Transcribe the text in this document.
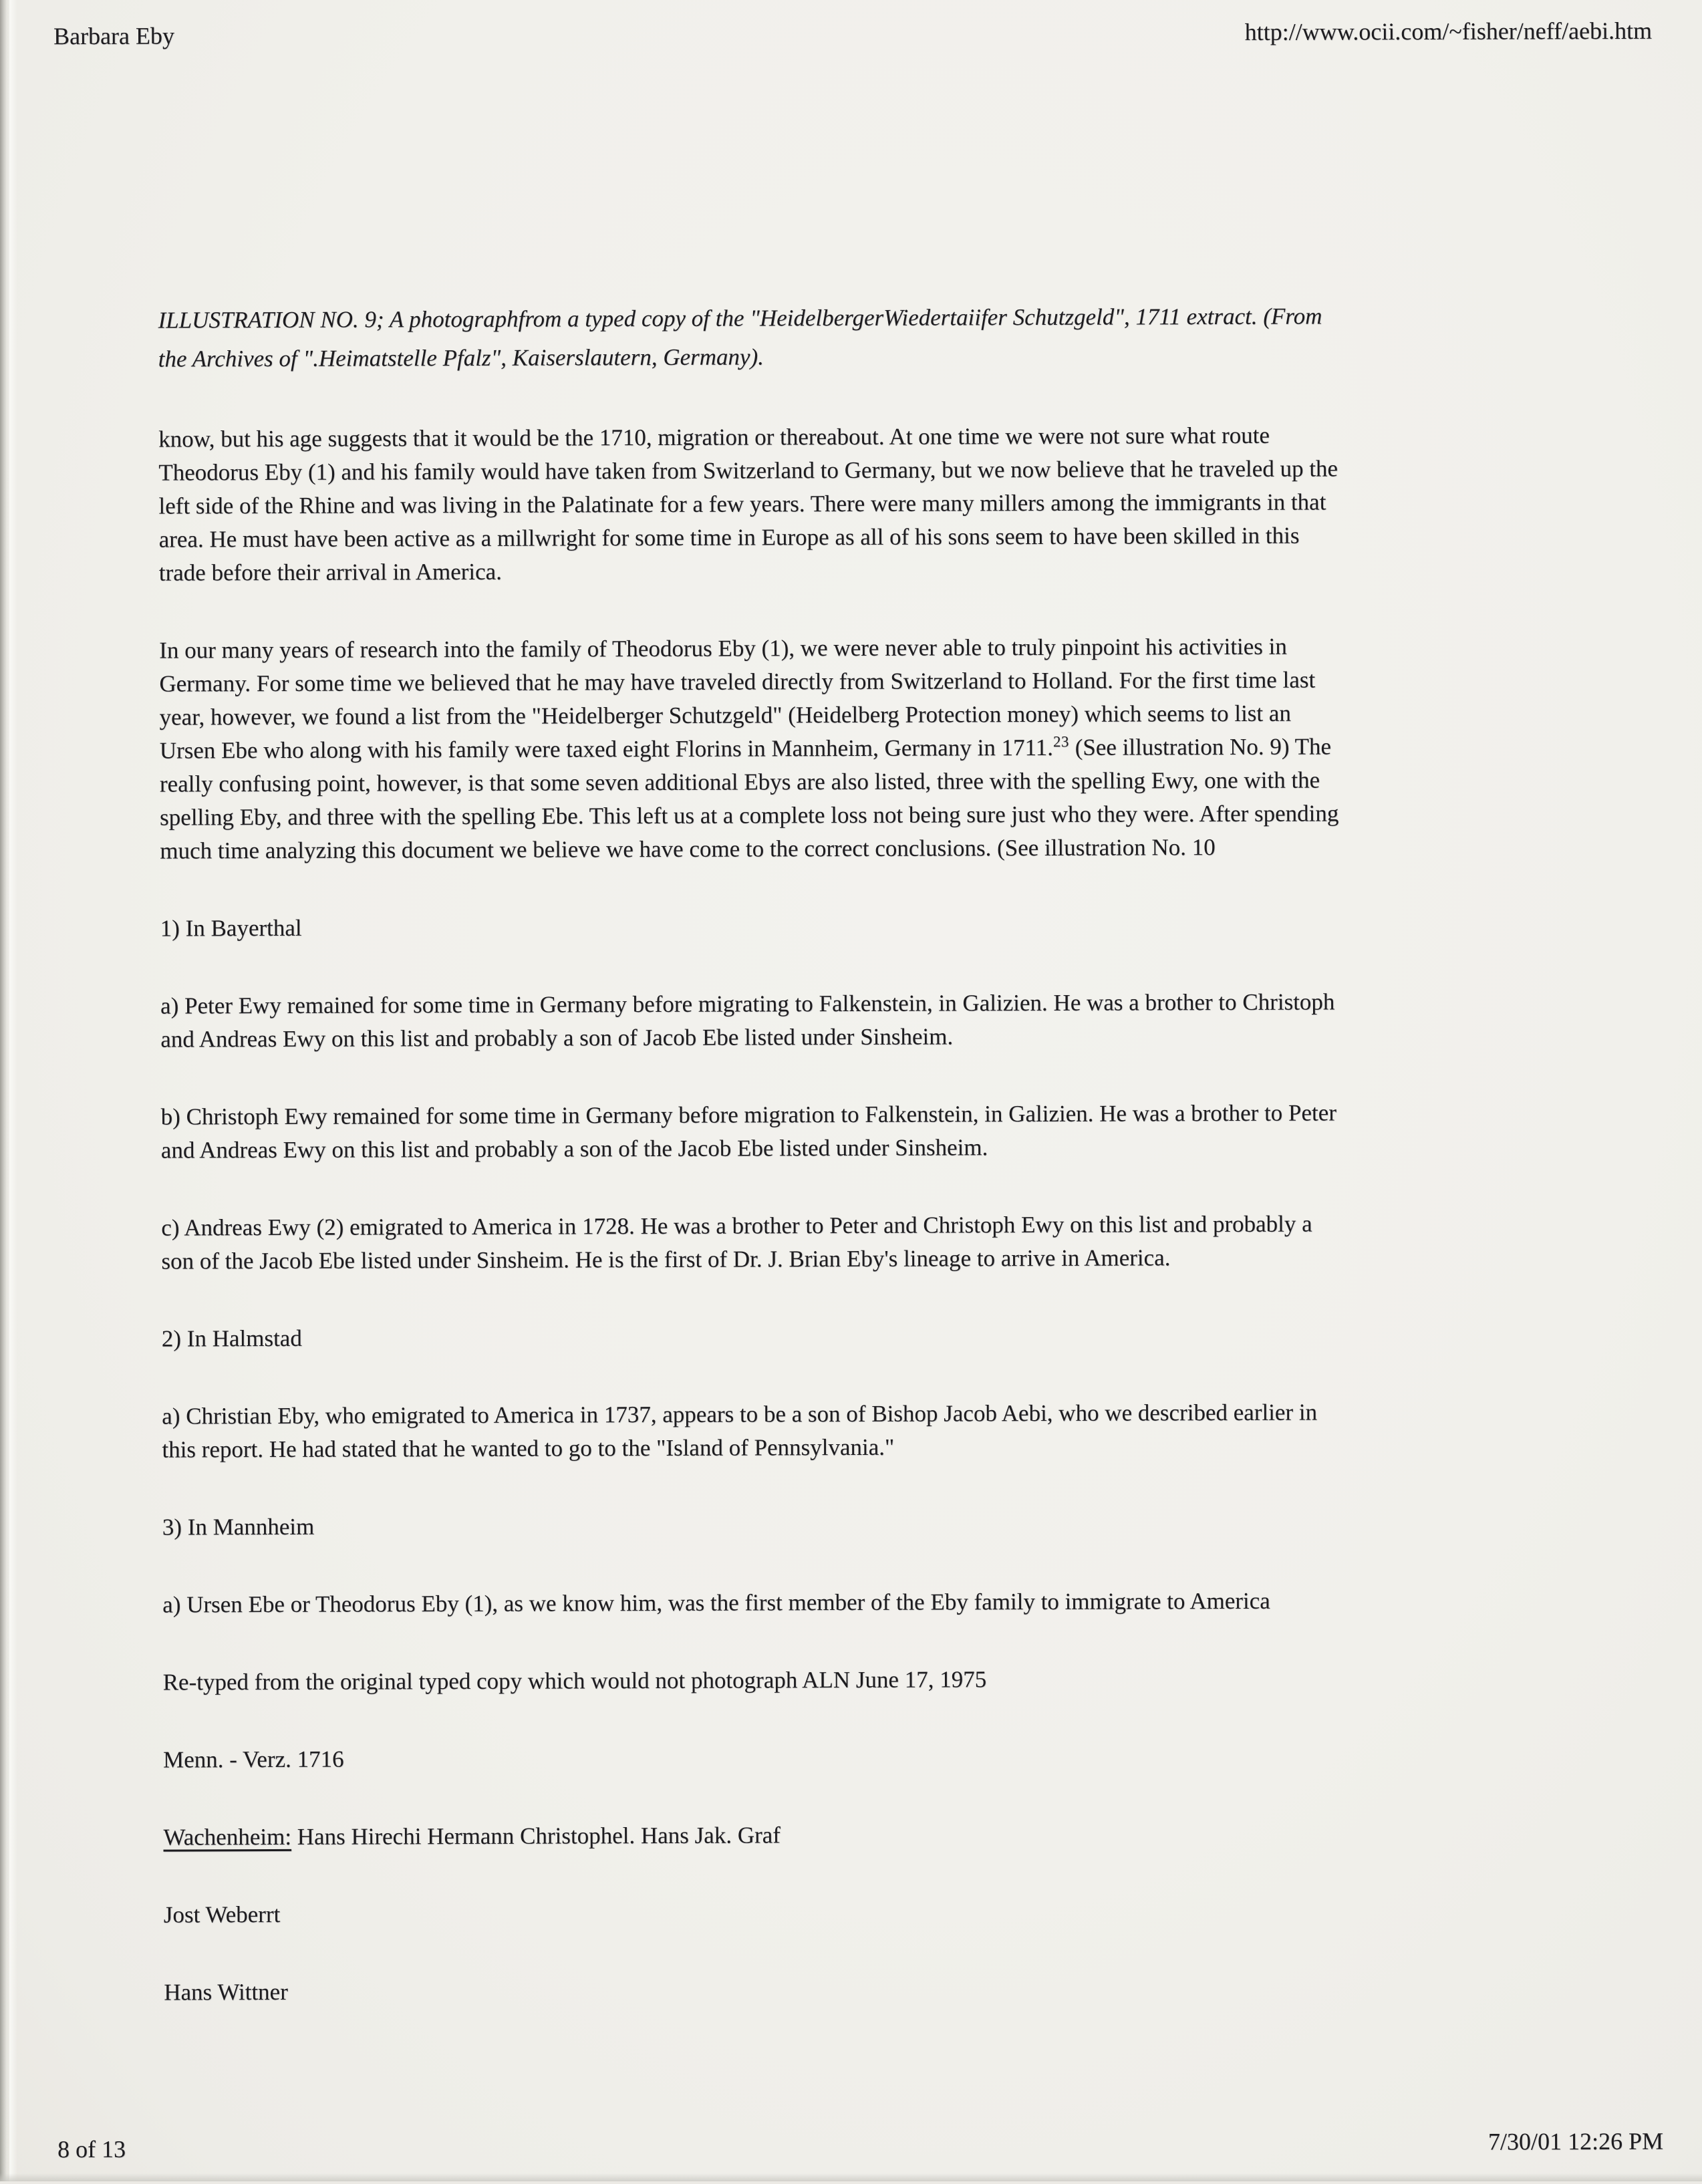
Barbara Eby	http://www.ocii.com/~fisher/neff/aebi.htm
ILLUSTRATION NO. 9; A photographfrom a typed copy of the "HeidelbergerWiedertaiifer Schutzgeld", 1711 extract. (From
the Archives of ".Heimatstelle Pfalz", Kaiserslautern, Germany).
know, but his age suggests that it would be the 1710, migration or thereabout. At one time we were not sure what route
Theodorus Eby (1) and his family would have taken from Switzerland to Germany, but we now believe that he traveled up the
left side of the Rhine and was living in the Palatinate for a few years. There were many millers among the immigrants in that
area. He must have been active as a millwright for some time in Europe as all of his sons seem to have been skilled in this
trade before their arrival in America.
In our many years of research into the family of Theodorus Eby (1), we were never able to truly pinpoint his activities in
Germany. For some time we believed that he may have traveled directly from Switzerland to Holland. For the first time last
year, however, we found a list from the "Heidelberger Schutzgeld" (Heidelberg Protection money) which seems to list an
Ursen Ebe who along with his family were taxed eight Florins in Mannheim, Germany in 1711.23 (See illustration No. 9) The
really confusing point, however, is that some seven additional Ebys are also listed, three with the spelling Ewy, one with the
spelling Eby, and three with the spelling Ebe. This left us at a complete loss not being sure just who they were. After spending
much time analyzing this document we believe we have come to the correct conclusions. (See illustration No. 10
1) In Bayerthal
a) Peter Ewy remained for some time in Germany before migrating to Falkenstein, in Galizien. He was a brother to Christoph
and Andreas Ewy on this list and probably a son of Jacob Ebe listed under Sinsheim.
b) Christoph Ewy remained for some time in Germany before migration to Falkenstein, in Galizien. He was a brother to Peter
and Andreas Ewy on this list and probably a son of the Jacob Ebe listed under Sinsheim.
c) Andreas Ewy (2) emigrated to America in 1728. He was a brother to Peter and Christoph Ewy on this list and probably a
son of the Jacob Ebe listed under Sinsheim. He is the first of Dr. J. Brian Eby's lineage to arrive in America.
2) In Halmstad
a) Christian Eby, who emigrated to America in 1737, appears to be a son of Bishop Jacob Aebi, who we described earlier in
this report. He had stated that he wanted to go to the "Island of Pennsylvania."
3) In Mannheim
a) Ursen Ebe or Theodorus Eby (1), as we know him, was the first member of the Eby family to immigrate to America
Re-typed from the original typed copy which would not photograph ALN June 17, 1975
Menn. - Verz. 1716
Wachenheim: Hans Hirechi Hermann Christophel. Hans Jak. Graf
Jost Weberrt
Hans Wittner
8 of 13	7/30/01 12:26 PM
